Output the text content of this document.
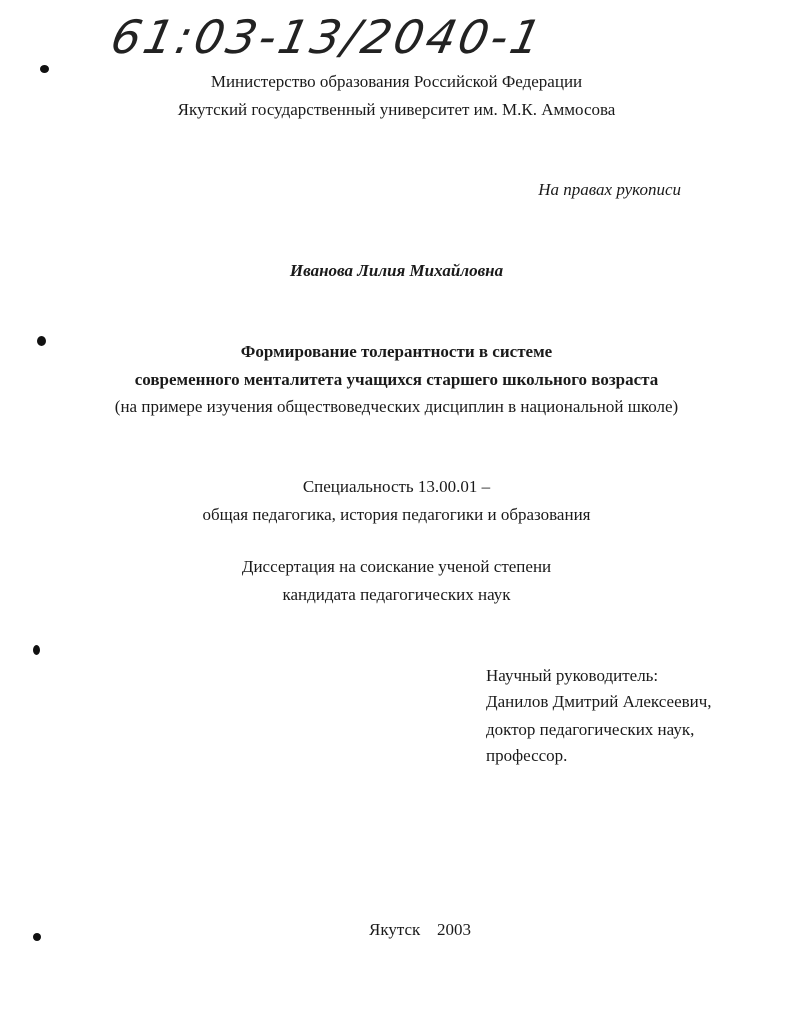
61:03-13/2040-1
Министерство образования Российской Федерации
Якутский государственный университет им. М.К. Аммосова
На правах рукописи
Иванова Лилия Михайловна
Формирование толерантности в системе
современного менталитета учащихся старшего школьного возраста
(на примере изучения обществоведческих дисциплин в национальной школе)
Специальность 13.00.01 –
общая педагогика, история педагогики и образования
Диссертация на соискание ученой степени
кандидата педагогических наук
Научный руководитель:
Данилов Дмитрий Алексеевич,
доктор педагогических наук,
профессор.
Якутск 2003
